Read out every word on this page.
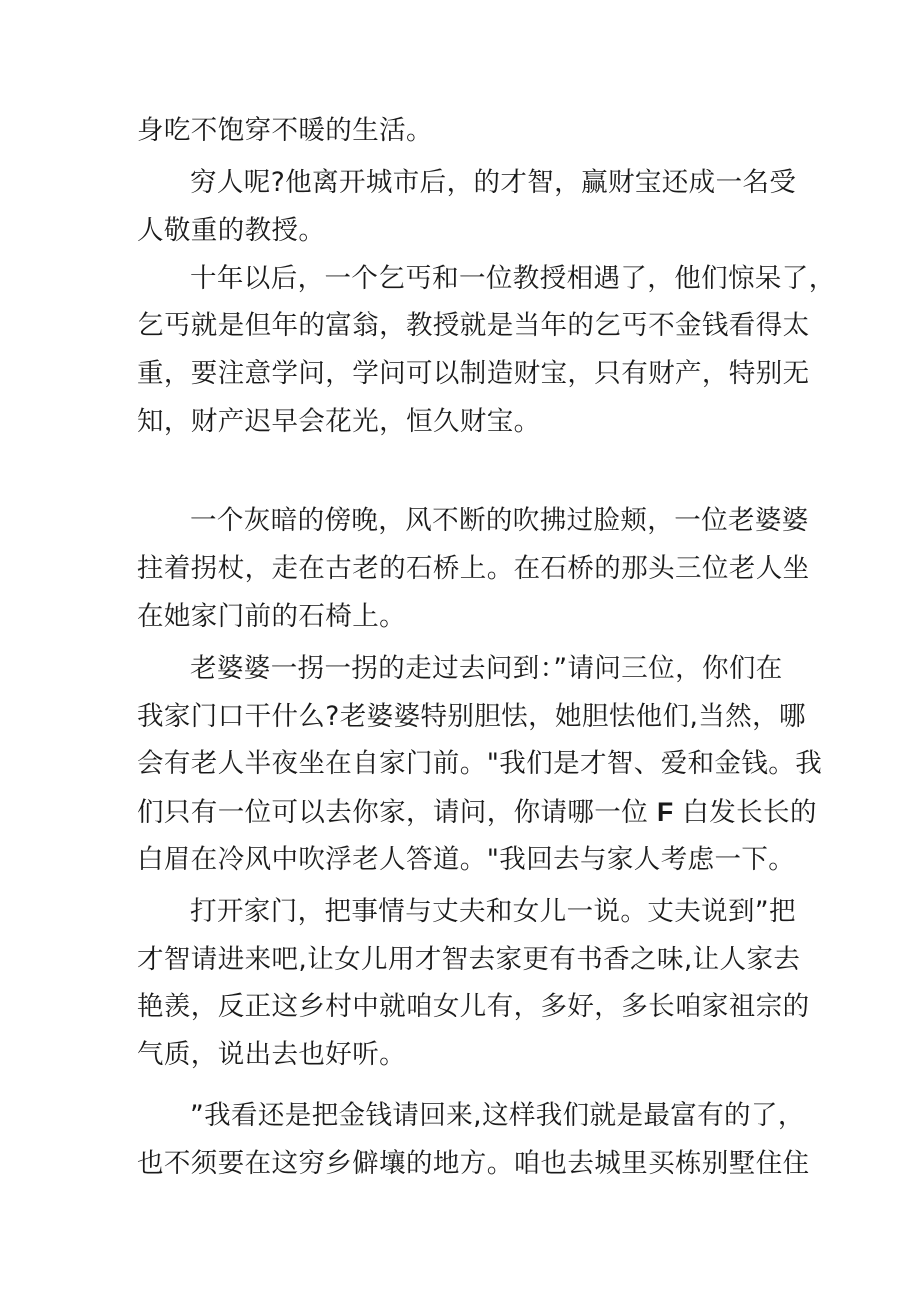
身吃不饱穿不暖的生活。
穷人呢?他离开城市后，的才智，赢财宝还成一名受
人敬重的教授。
十年以后，一个乞丐和一位教授相遇了，他们惊呆了，
乞丐就是但年的富翁，教授就是当年的乞丐不金钱看得太
重，要注意学问，学问可以制造财宝，只有财产，特别无
知，财产迟早会花光，恒久财宝。
一个灰暗的傍晚，风不断的吹拂过脸颊，一位老婆婆
拄着拐杖，走在古老的石桥上。在石桥的那头三位老人坐
在她家门前的石椅上。
老婆婆一拐一拐的走过去问到：”请问三位，你们在
我家门口干什么?老婆婆特别胆怯，她胆怯他们,当然，哪
会有老人半夜坐在自家门前。"我们是才智、爱和金钱。我
们只有一位可以去你家，请问，你请哪一位 F 白发长长的
白眉在冷风中吹浮老人答道。"我回去与家人考虑一下。
打开家门，把事情与丈夫和女儿一说。丈夫说到”把
才智请进来吧,让女儿用才智去家更有书香之味,让人家去
艳羡，反正这乡村中就咱女儿有，多好，多长咱家祖宗的
气质，说出去也好听。
”我看还是把金钱请回来,这样我们就是最富有的了，
也不须要在这穷乡僻壤的地方。咱也去城里买栋别墅住住
